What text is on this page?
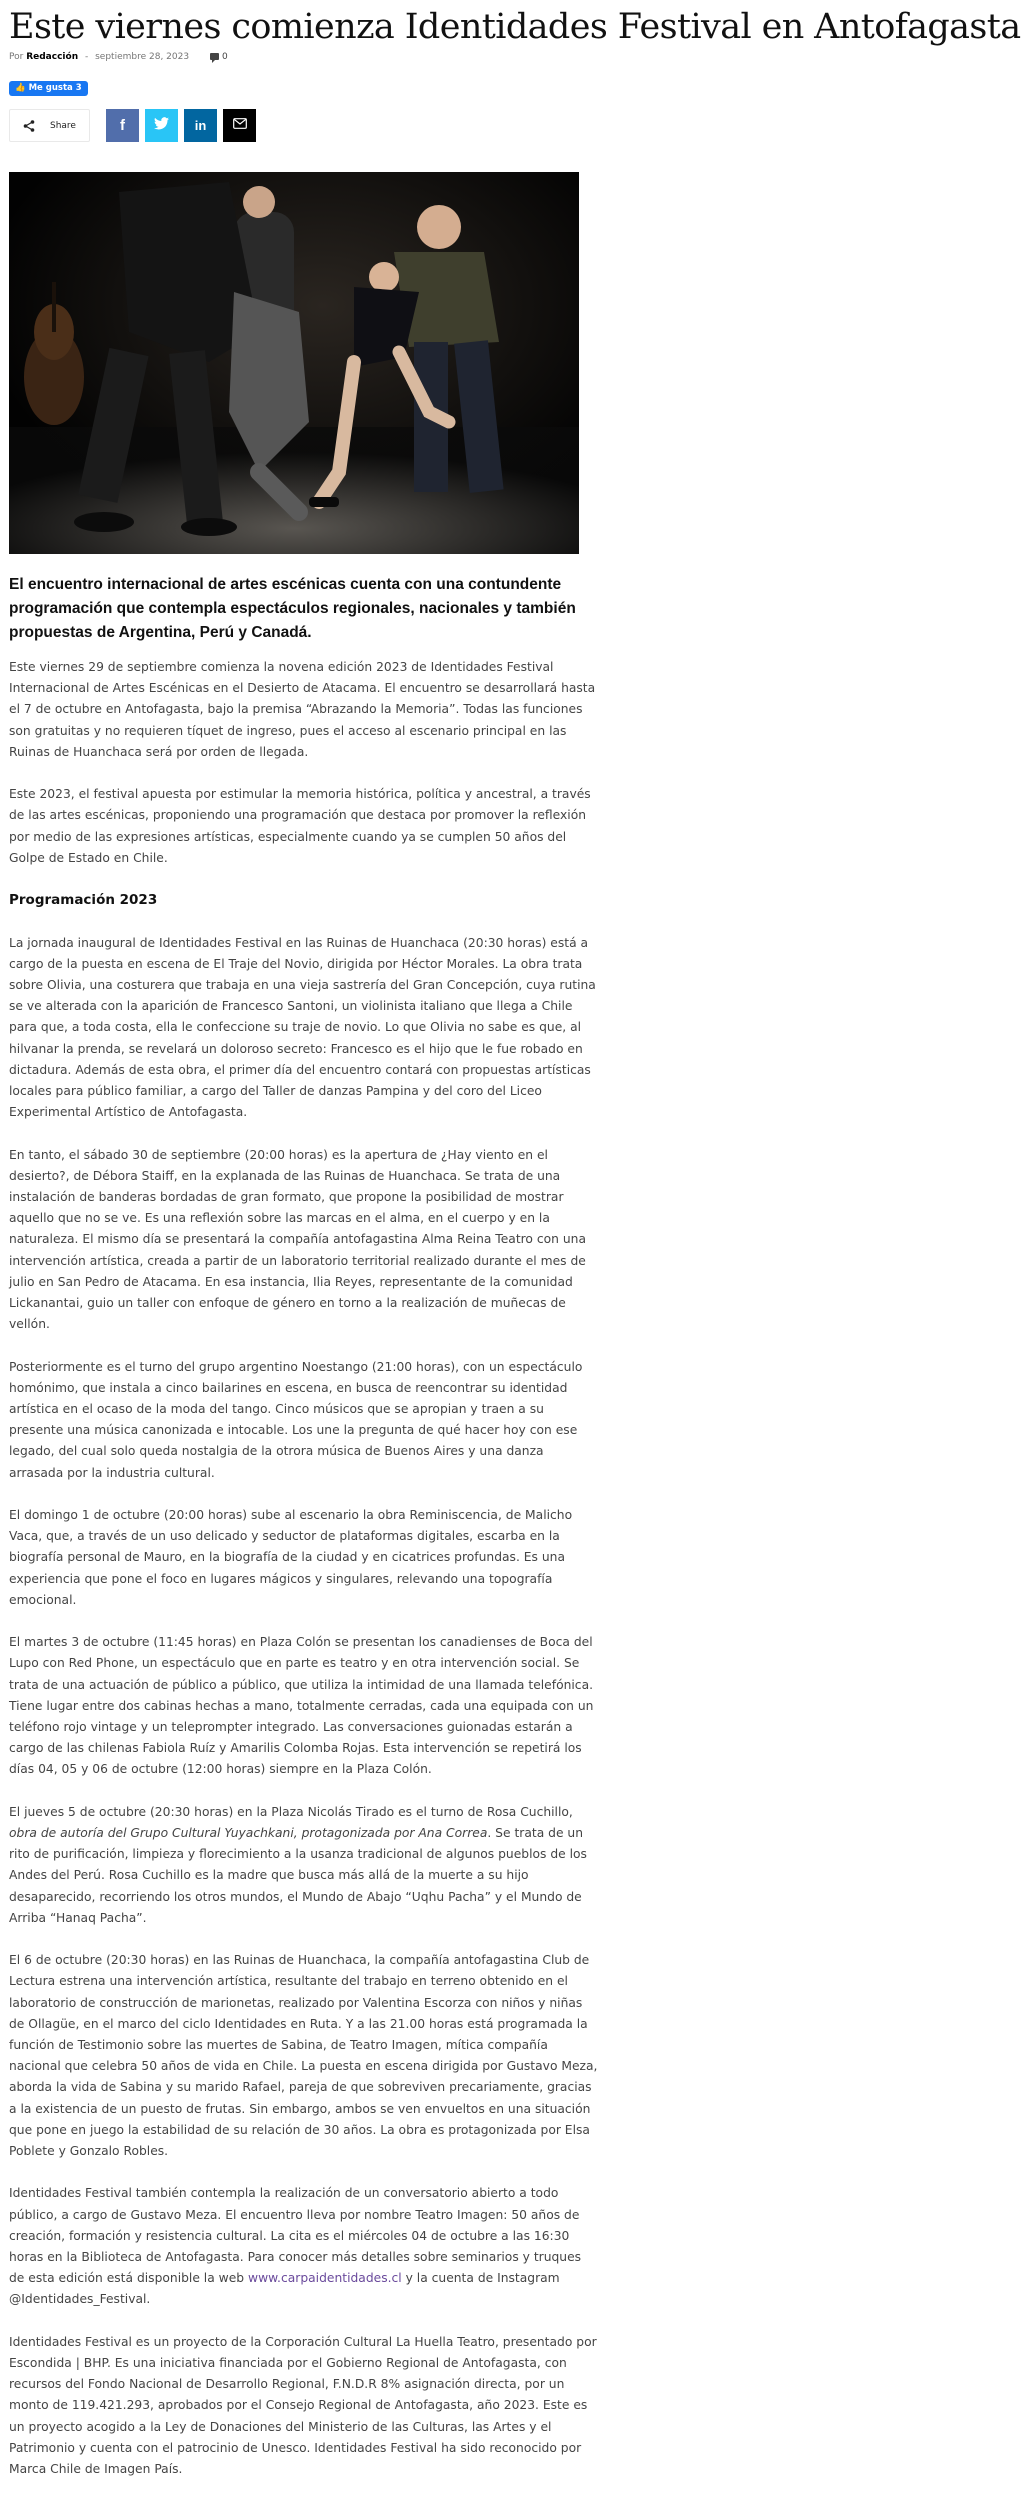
Este viernes comienza Identidades Festival en Antofagasta
Por Redacción - septiembre 28, 2023	0
👍 Me gusta 3
Share	f	in
El encuentro internacional de artes escénicas cuenta con una contundente programación que contempla espectáculos regionales, nacionales y también propuestas de Argentina, Perú y Canadá.

Este viernes 29 de septiembre comienza la novena edición 2023 de Identidades Festival Internacional de Artes Escénicas en el Desierto de Atacama. El encuentro se desarrollará hasta el 7 de octubre en Antofagasta, bajo la premisa “Abrazando la Memoria”. Todas las funciones son gratuitas y no requieren tíquet de ingreso, pues el acceso al escenario principal en las Ruinas de Huanchaca será por orden de llegada.

Este 2023, el festival apuesta por estimular la memoria histórica, política y ancestral, a través de las artes escénicas, proponiendo una programación que destaca por promover la reflexión por medio de las expresiones artísticas, especialmente cuando ya se cumplen 50 años del Golpe de Estado en Chile.

Programación 2023

La jornada inaugural de Identidades Festival en las Ruinas de Huanchaca (20:30 horas) está a cargo de la puesta en escena de El Traje del Novio, dirigida por Héctor Morales. La obra trata sobre Olivia, una costurera que trabaja en una vieja sastrería del Gran Concepción, cuya rutina se ve alterada con la aparición de Francesco Santoni, un violinista italiano que llega a Chile para que, a toda costa, ella le confeccione su traje de novio. Lo que Olivia no sabe es que, al hilvanar la prenda, se revelará un doloroso secreto: Francesco es el hijo que le fue robado en dictadura. Además de esta obra, el primer día del encuentro contará con propuestas artísticas locales para público familiar, a cargo del Taller de danzas Pampina y del coro del Liceo Experimental Artístico de Antofagasta.

En tanto, el sábado 30 de septiembre (20:00 horas) es la apertura de ¿Hay viento en el desierto?, de Débora Staiff, en la explanada de las Ruinas de Huanchaca. Se trata de una instalación de banderas bordadas de gran formato, que propone la posibilidad de mostrar aquello que no se ve. Es una reflexión sobre las marcas en el alma, en el cuerpo y en la naturaleza. El mismo día se presentará la compañía antofagastina Alma Reina Teatro con una intervención artística, creada a partir de un laboratorio territorial realizado durante el mes de julio en San Pedro de Atacama. En esa instancia, Ilia Reyes, representante de la comunidad Lickanantai, guio un taller con enfoque de género en torno a la realización de muñecas de vellón.

Posteriormente es el turno del grupo argentino Noestango (21:00 horas), con un espectáculo homónimo, que instala a cinco bailarines en escena, en busca de reencontrar su identidad artística en el ocaso de la moda del tango. Cinco músicos que se apropian y traen a su presente una música canonizada e intocable. Los une la pregunta de qué hacer hoy con ese legado, del cual solo queda nostalgia de la otrora música de Buenos Aires y una danza arrasada por la industria cultural.

El domingo 1 de octubre (20:00 horas) sube al escenario la obra Reminiscencia, de Malicho Vaca, que, a través de un uso delicado y seductor de plataformas digitales, escarba en la biografía personal de Mauro, en la biografía de la ciudad y en cicatrices profundas. Es una experiencia que pone el foco en lugares mágicos y singulares, relevando una topografía emocional.

El martes 3 de octubre (11:45 horas) en Plaza Colón se presentan los canadienses de Boca del Lupo con Red Phone, un espectáculo que en parte es teatro y en otra intervención social. Se trata de una actuación de público a público, que utiliza la intimidad de una llamada telefónica. Tiene lugar entre dos cabinas hechas a mano, totalmente cerradas, cada una equipada con un teléfono rojo vintage y un teleprompter integrado. Las conversaciones guionadas estarán a cargo de las chilenas Fabiola Ruíz y Amarilis Colomba Rojas. Esta intervención se repetirá los días 04, 05 y 06 de octubre (12:00 horas) siempre en la Plaza Colón.

El jueves 5 de octubre (20:30 horas) en la Plaza Nicolás Tirado es el turno de Rosa Cuchillo, obra de autoría del Grupo Cultural Yuyachkani, protagonizada por Ana Correa. Se trata de un rito de purificación, limpieza y florecimiento a la usanza tradicional de algunos pueblos de los Andes del Perú. Rosa Cuchillo es la madre que busca más allá de la muerte a su hijo desaparecido, recorriendo los otros mundos, el Mundo de Abajo “Uqhu Pacha” y el Mundo de Arriba “Hanaq Pacha”.

El 6 de octubre (20:30 horas) en las Ruinas de Huanchaca, la compañía antofagastina Club de Lectura estrena una intervención artística, resultante del trabajo en terreno obtenido en el laboratorio de construcción de marionetas, realizado por Valentina Escorza con niños y niñas de Ollagüe, en el marco del ciclo Identidades en Ruta. Y a las 21.00 horas está programada la función de Testimonio sobre las muertes de Sabina, de Teatro Imagen, mítica compañía nacional que celebra 50 años de vida en Chile. La puesta en escena dirigida por Gustavo Meza, aborda la vida de Sabina y su marido Rafael, pareja de que sobreviven precariamente, gracias a la existencia de un puesto de frutas. Sin embargo, ambos se ven envueltos en una situación que pone en juego la estabilidad de su relación de 30 años. La obra es protagonizada por Elsa Poblete y Gonzalo Robles.

Identidades Festival también contempla la realización de un conversatorio abierto a todo público, a cargo de Gustavo Meza. El encuentro lleva por nombre Teatro Imagen: 50 años de creación, formación y resistencia cultural. La cita es el miércoles 04 de octubre a las 16:30 horas en la Biblioteca de Antofagasta. Para conocer más detalles sobre seminarios y truques de esta edición está disponible la web www.carpaidentidades.cl y la cuenta de Instagram @Identidades_Festival.

Identidades Festival es un proyecto de la Corporación Cultural La Huella Teatro, presentado por Escondida | BHP. Es una iniciativa financiada por el Gobierno Regional de Antofagasta, con recursos del Fondo Nacional de Desarrollo Regional, F.N.D.R 8% asignación directa, por un monto de 119.421.293, aprobados por el Consejo Regional de Antofagasta, año 2023. Este es un proyecto acogido a la Ley de Donaciones del Ministerio de las Culturas, las Artes y el Patrimonio y cuenta con el patrocinio de Unesco. Identidades Festival ha sido reconocido por Marca Chile de Imagen País.
